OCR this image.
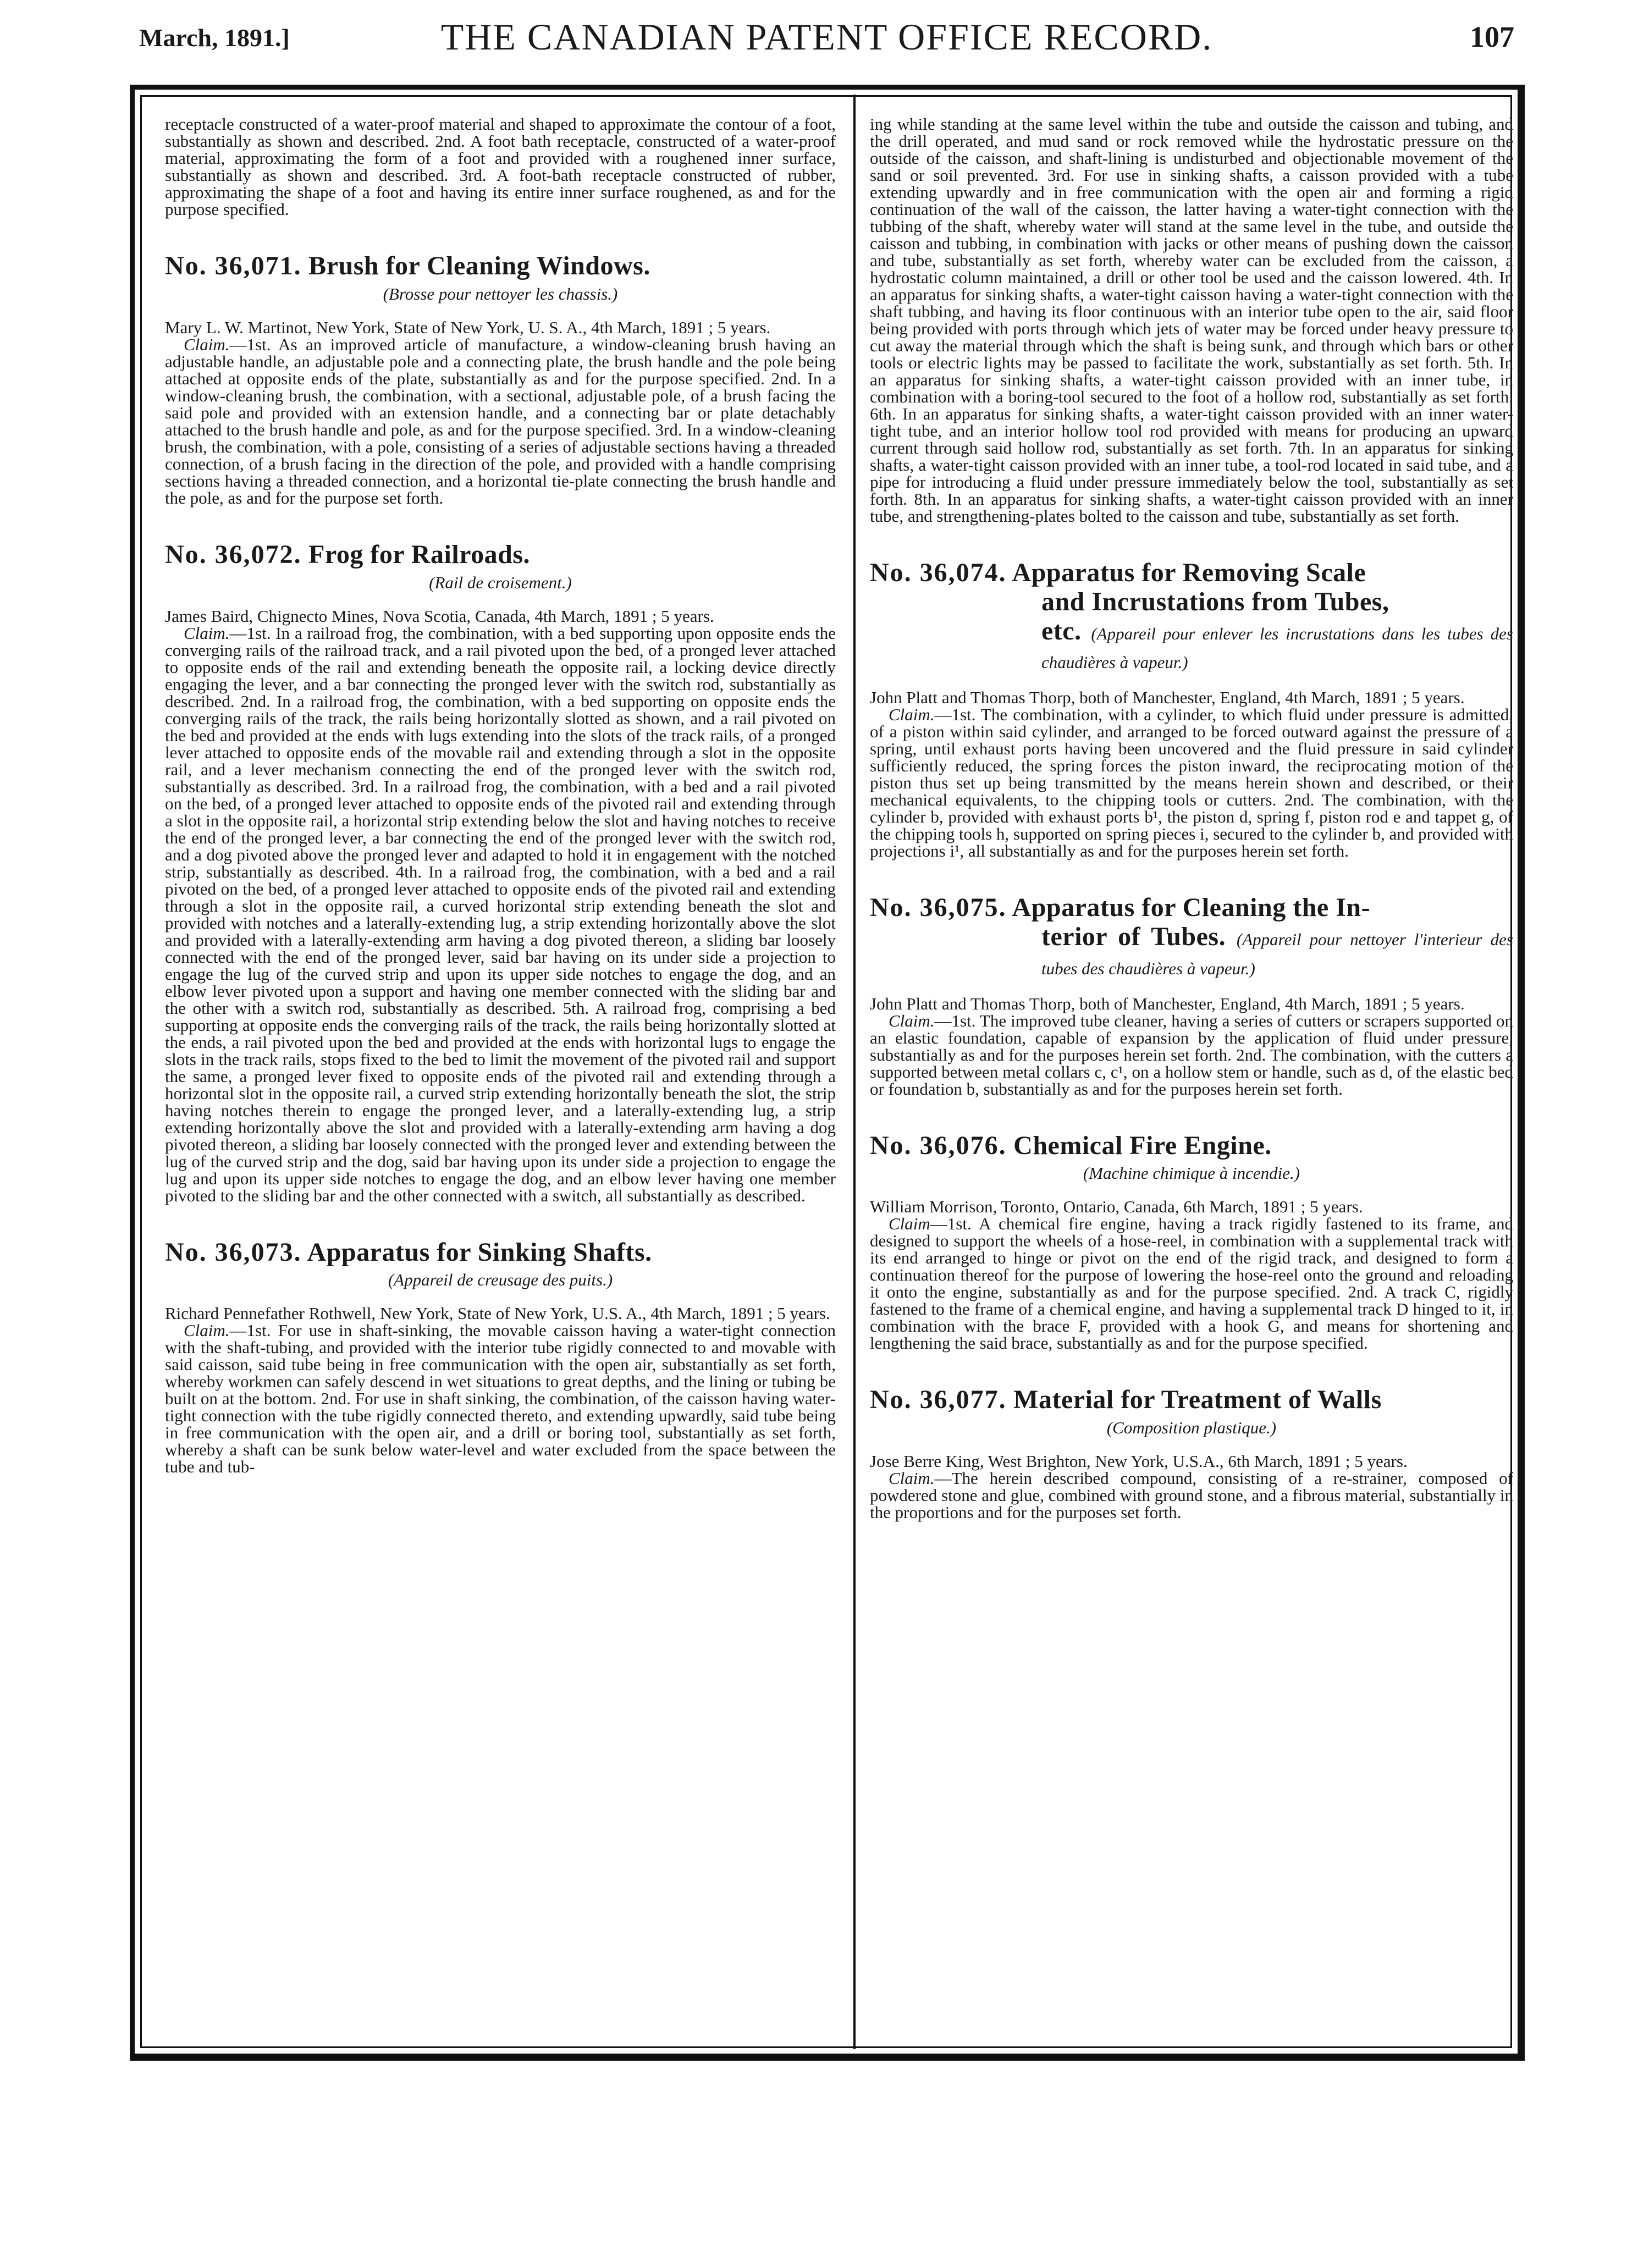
March, 1891.]	THE CANADIAN PATENT OFFICE RECORD.	107

receptacle constructed of a water-proof material and shaped to approximate the contour of a foot, substantially as shown and described. 2nd. A foot bath receptacle, constructed of a water-proof material, approximating the form of a foot and provided with a roughened inner surface, substantially as shown and described. 3rd. A foot-bath receptacle constructed of rubber, approximating the shape of a foot and having its entire inner surface roughened, as and for the purpose specified.

No. 36,071. Brush for Cleaning Windows.
(Brosse pour nettoyer les chassis.)

Mary L. W. Martinot, New York, State of New York, U. S. A., 4th March, 1891 ; 5 years.

Claim.—1st. As an improved article of manufacture, a window-cleaning brush having an adjustable handle, an adjustable pole and a connecting plate, the brush handle and the pole being attached at opposite ends of the plate, substantially as and for the purpose specified. 2nd. In a window-cleaning brush, the combination, with a sectional, adjustable pole, of a brush facing the said pole and provided with an extension handle, and a connecting bar or plate detachably attached to the brush handle and pole, as and for the purpose specified. 3rd. In a window-cleaning brush, the combination, with a pole, consisting of a series of adjustable sections having a threaded connection, of a brush facing in the direction of the pole, and provided with a handle comprising sections having a threaded connection, and a horizontal tie-plate connecting the brush handle and the pole, as and for the purpose set forth.

No. 36,072. Frog for Railroads.
(Rail de croisement.)

James Baird, Chignecto Mines, Nova Scotia, Canada, 4th March, 1891 ; 5 years.

Claim.—1st. In a railroad frog, the combination, with a bed supporting upon opposite ends the converging rails of the railroad track, and a rail pivoted upon the bed, of a pronged lever attached to opposite ends of the rail and extending beneath the opposite rail, a locking device directly engaging the lever, and a bar connecting the pronged lever with the switch rod, substantially as described. 2nd. In a railroad frog, the combination, with a bed supporting on opposite ends the converging rails of the track, the rails being horizontally slotted as shown, and a rail pivoted on the bed and provided at the ends with lugs extending into the slots of the track rails, of a pronged lever attached to opposite ends of the movable rail and extending through a slot in the opposite rail, and a lever mechanism connecting the end of the pronged lever with the switch rod, substantially as described. 3rd. In a railroad frog, the combination, with a bed and a rail pivoted on the bed, of a pronged lever attached to opposite ends of the pivoted rail and extending through a slot in the opposite rail, a horizontal strip extending below the slot and having notches to receive the end of the pronged lever, a bar connecting the end of the pronged lever with the switch rod, and a dog pivoted above the pronged lever and adapted to hold it in engagement with the notched strip, substantially as described. 4th. In a railroad frog, the combination, with a bed and a rail pivoted on the bed, of a pronged lever attached to opposite ends of the pivoted rail and extending through a slot in the opposite rail, a curved horizontal strip extending beneath the slot and provided with notches and a laterally-extending lug, a strip extending horizontally above the slot and provided with a laterally-extending arm having a dog pivoted thereon, a sliding bar loosely connected with the end of the pronged lever, said bar having on its under side a projection to engage the lug of the curved strip and upon its upper side notches to engage the dog, and an elbow lever pivoted upon a support and having one member connected with the sliding bar and the other with a switch rod, substantially as described. 5th. A railroad frog, comprising a bed supporting at opposite ends the converging rails of the track, the rails being horizontally slotted at the ends, a rail pivoted upon the bed and provided at the ends with horizontal lugs to engage the slots in the track rails, stops fixed to the bed to limit the movement of the pivoted rail and support the same, a pronged lever fixed to opposite ends of the pivoted rail and extending through a horizontal slot in the opposite rail, a curved strip extending horizontally beneath the slot, the strip having notches therein to engage the pronged lever, and a laterally-extending lug, a strip extending horizontally above the slot and provided with a laterally-extending arm having a dog pivoted thereon, a sliding bar loosely connected with the pronged lever and extending between the lug of the curved strip and the dog, said bar having upon its under side a projection to engage the lug and upon its upper side notches to engage the dog, and an elbow lever having one member pivoted to the sliding bar and the other connected with a switch, all substantially as described.

No. 36,073. Apparatus for Sinking Shafts.
(Appareil de creusage des puits.)

Richard Pennefather Rothwell, New York, State of New York, U.S. A., 4th March, 1891 ; 5 years.

Claim.—1st. For use in shaft-sinking, the movable caisson having a water-tight connection with the shaft-tubing, and provided with the interior tube rigidly connected to and movable with said caisson, said tube being in free communication with the open air, substantially as set forth, whereby workmen can safely descend in wet situations to great depths, and the lining or tubing be built on at the bottom. 2nd. For use in shaft sinking, the combination, of the caisson having water-tight connection with the tube rigidly connected thereto, and extending upwardly, said tube being in free communication with the open air, and a drill or boring tool, substantially as set forth, whereby a shaft can be sunk below water-level and water excluded from the space between the tube and tub-

ing while standing at the same level within the tube and outside the caisson and tubing, and the drill operated, and mud sand or rock removed while the hydrostatic pressure on the outside of the caisson, and shaft-lining is undisturbed and objectionable movement of the sand or soil prevented. 3rd. For use in sinking shafts, a caisson provided with a tube extending upwardly and in free communication with the open air and forming a rigid continuation of the wall of the caisson, the latter having a water-tight connection with the tubbing of the shaft, whereby water will stand at the same level in the tube, and outside the caisson and tubbing, in combination with jacks or other means of pushing down the caisson and tube, substantially as set forth, whereby water can be excluded from the caisson, a hydrostatic column maintained, a drill or other tool be used and the caisson lowered. 4th. In an apparatus for sinking shafts, a water-tight caisson having a water-tight connection with the shaft tubbing, and having its floor continuous with an interior tube open to the air, said floor being provided with ports through which jets of water may be forced under heavy pressure to cut away the material through which the shaft is being sunk, and through which bars or other tools or electric lights may be passed to facilitate the work, substantially as set forth. 5th. In an apparatus for sinking shafts, a water-tight caisson provided with an inner tube, in combination with a boring-tool secured to the foot of a hollow rod, substantially as set forth. 6th. In an apparatus for sinking shafts, a water-tight caisson provided with an inner water-tight tube, and an interior hollow tool rod provided with means for producing an upward current through said hollow rod, substantially as set forth. 7th. In an apparatus for sinking shafts, a water-tight caisson provided with an inner tube, a tool-rod located in said tube, and a pipe for introducing a fluid under pressure immediately below the tool, substantially as set forth. 8th. In an apparatus for sinking shafts, a water-tight caisson provided with an inner tube, and strengthening-plates bolted to the caisson and tube, substantially as set forth.

No. 36,074. Apparatus for Removing Scale
and Incrustations from Tubes,
etc. (Appareil pour enlever les incrustations dans les tubes des chaudières à vapeur.)

John Platt and Thomas Thorp, both of Manchester, England, 4th March, 1891 ; 5 years.

Claim.—1st. The combination, with a cylinder, to which fluid under pressure is admitted, of a piston within said cylinder, and arranged to be forced outward against the pressure of a spring, until exhaust ports having been uncovered and the fluid pressure in said cylinder sufficiently reduced, the spring forces the piston inward, the reciprocating motion of the piston thus set up being transmitted by the means herein shown and described, or their mechanical equivalents, to the chipping tools or cutters. 2nd. The combination, with the cylinder b, provided with exhaust ports b¹, the piston d, spring f, piston rod e and tappet g, of the chipping tools h, supported on spring pieces i, secured to the cylinder b, and provided with projections i¹, all substantially as and for the purposes herein set forth.

No. 36,075. Apparatus for Cleaning the In-
terior of Tubes. (Appareil pour nettoyer l'interieur des tubes des chaudières à vapeur.)

John Platt and Thomas Thorp, both of Manchester, England, 4th March, 1891 ; 5 years.

Claim.—1st. The improved tube cleaner, having a series of cutters or scrapers supported on an elastic foundation, capable of expansion by the application of fluid under pressure, substantially as and for the purposes herein set forth. 2nd. The combination, with the cutters a supported between metal collars c, c¹, on a hollow stem or handle, such as d, of the elastic bed or foundation b, substantially as and for the purposes herein set forth.

No. 36,076. Chemical Fire Engine.
(Machine chimique à incendie.)

William Morrison, Toronto, Ontario, Canada, 6th March, 1891 ; 5 years.

Claim—1st. A chemical fire engine, having a track rigidly fastened to its frame, and designed to support the wheels of a hose-reel, in combination with a supplemental track with its end arranged to hinge or pivot on the end of the rigid track, and designed to form a continuation thereof for the purpose of lowering the hose-reel onto the ground and reloading it onto the engine, substantially as and for the purpose specified. 2nd. A track C, rigidly fastened to the frame of a chemical engine, and having a supplemental track D hinged to it, in combination with the brace F, provided with a hook G, and means for shortening and lengthening the said brace, substantially as and for the purpose specified.

No. 36,077. Material for Treatment of Walls
(Composition plastique.)

Jose Berre King, West Brighton, New York, U.S.A., 6th March, 1891 ; 5 years.

Claim.—The herein described compound, consisting of a re-strainer, composed of powdered stone and glue, combined with ground stone, and a fibrous material, substantially in the proportions and for the purposes set forth.
